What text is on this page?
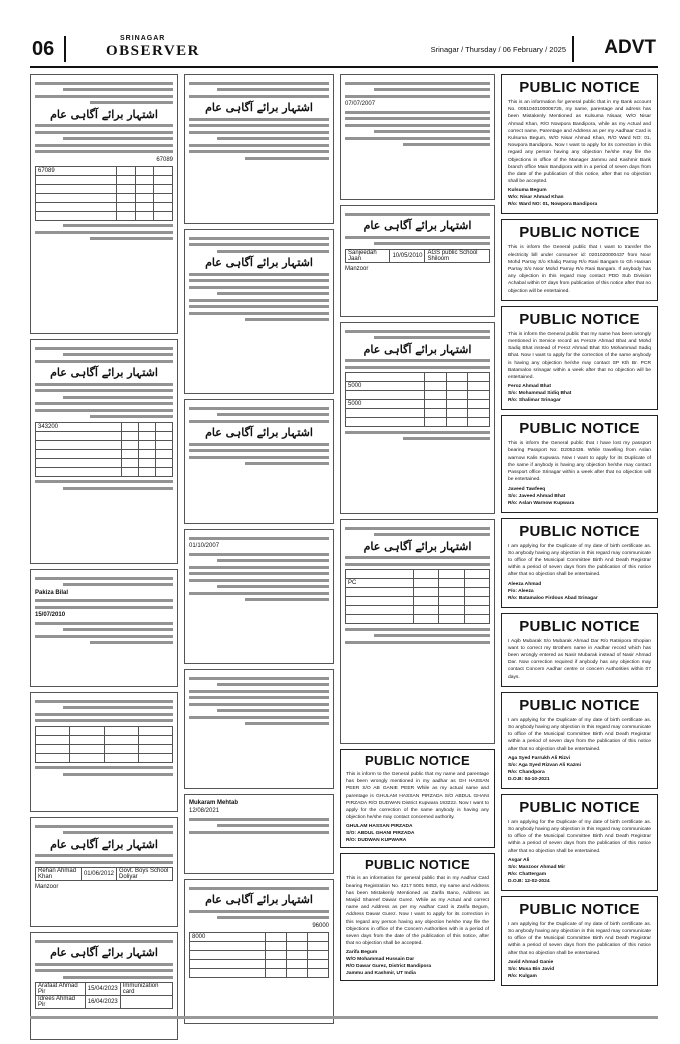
06	SRINAGAR
OBSERVER	Srinagar / Thursday / 06 February / 2025 ADVT
اشتہار برائے آگاہی عام
67089
67089			

اشتہار برائے آگاہی عام
343200			

Pakiza Bilal
15/07/2010

اشتہار برائے آگاہی عام
Rehan Ahmad Khan	01/06/2012	Govt. Boys School Doliyar
Manzoor
اشتہار برائے آگاہی عام
Arafaat Ahmad Pir	15/04/2023	Immunization card
Idrees Ahmad Pir	16/04/2023	
اشتہار برائے آگاہی عام
اشتہار برائے آگاہی عام
اشتہار برائے آگاہی عام
01/10/2007
Mukaram Mehtab
12/08/2021
اشتہار برائے آگاہی عام
96000
8000			

07/07/2007
اشتہار برائے آگاہی عام
Sanjeedah Jaan	10/05/2010	AGS public School Shiloom
Manzoor
اشتہار برائے آگاہی عام

5000			

5000			

اشتہار برائے آگاہی عام

PC			

PUBLIC NOTICE

This is inform to the General public that my name and parentage has been wrongly mentioned in my aadhar as GH HASSAN PEER S/O AB GANIE PEER While as my actual name and parentage is GHULAM HASSAN PIRZADA S/O ABDUL GHANI PIRZADA R/O DUDWAN District Kupwara 193222. Now I want to apply for the correction of the same anybody is having any objection he/she may contact concerned authority.

GHULAM HASSAN PIRZADA
S/O: ABDUL GHANI PIRZADA
R/O: DUDWAN KUPWARA
PUBLIC NOTICE

This is an information for general public that in my Aadhar Card bearing Registration No. 4217 5001 9453, my name and Address has been Mistakenly Mentioned as Zarifa Bano, Address as Masjid Shareef Dawar Gurez. While as my Actual and correct name and Address as per my Aadhar Card is Zarifa Begum, Address Dawar Gurez. Now I want to apply for its correction in this regard any person having any objection he/she may file the Objections in office of the Concern Authorities with in a period of seven days from the date of the publication of this notice, after that no objection shall be accepted.

Zarifa Begum
W/O Mohammad Hussain Dar
R/O Dawar Gurez, District Bandipora
Jammu and Kashmir, UT India
PUBLIC NOTICE

This is an information for general public that in my Bank account No. 0051040100006725, my name, parentage and adress has been Mistakenly Mentioned as Kulsuma Nisaar, W/O Nisar Ahmad Khan, R/O Nowpora Bandipora, while as my Actual and correct name, Parentage and Address as per my Aadhaar Card is Kulsuma Begum, W/O Nisar Ahmad Khan, R/O Ward NO: 01, Nowpora Bandipora. Now I want to apply for its correction in this regard any person having any objection he/she may file the Objections in office of the Manager Jammu and Kashmir Bank branch office Main Bandipora with in a period of seven days from the date of the publication of this notice, after that no objection shall be accepted.

Kulsuma Begum
W/o: Nisar Ahmad Khan
R/o: Ward NO: 01, Nowpora Bandipora
PUBLIC NOTICE

This is inform the General public that I want to transfer the electricity bill under consumer id: 0201020000437 from Noor Mohd Parray S/o Khaliq Parray R/o Rani Bangam to Gh Hassan Parray S/o Noor Mohd Parray R/o Rani Bangam. If anybody has any objection in this regard may contact PDD Sub Division Achabal within 07 days from publication of this notice after that no objection will be entertained.

PUBLIC NOTICE

This is inform the General public that my name has been wrongly mentioned in Service record as Feroze Ahmad Bhat and Mohd Sadiq Bhat instead of Feroz Ahmad Bhat S/o Mohammad Sadiq Bhat. Now I want to apply for the correction of the same anybody is having any objection he/she may contact SP Kth Br. PCR Batamaloo srinagar within a week after that no objection will be entertained.

Feroz Ahmad Bhat
S/o: Mohammad Sidiq Bhat
R/o: Shalimar Srinagar
PUBLIC NOTICE

This is inform the General public that I have lost my passport bearing Passport No: D2052436. While travelling from Aslan warnow Kalis Kupwara. Now I want to apply for its Duplicate of the same if anybody is having any objection he/she may contact Passport office Srinagar within a week after that no objection will be entertained.

Javeed Tawfeeq
S/o: Javeed Ahmad Bhat
R/o: Aslan Warnow Kupwara
PUBLIC NOTICE

I am applying for the Duplicate of my date of birth certificate as. So anybody having any objection in this regard may communicate to office of the Municipal Committee Birth And Death Registrar within a period of seven days from the publication of this notice after that no objection shall be entertained.

Aleeza Ahmad
F/o: Aleeza
R/o: Batamaloo Firdous Abad Srinagar
PUBLIC NOTICE

I Aqib Mubarak S/o Mubarak Ahmad Dar R/o Ratnipora Shopian want to correct my Brothers name in Aadhar record which has been wrongly entered as Nasir Mubarak instead of Nasir Ahmad Dar. Now correction required if anybody has any objection may contact Concern Aadhar centre or concern Authorities within 07 days.

PUBLIC NOTICE

I am applying for the Duplicate of my date of birth certificate as. So anybody having any objection in this regard may communicate to office of the Municipal Committee Birth And Death Registrar within a period of seven days from the publication of this notice after that no objection shall be entertained.

Aga Syed Farrukh Ali Rizvi
S/o: Aga Syed Rizvan Ali Kazmi
R/o: Chandpora
D.O.B: 04-10-2021
PUBLIC NOTICE

I am applying for the Duplicate of my date of birth certificate as. So anybody having any objection in this regard may communicate to office of the Municipal Committee Birth And Death Registrar within a period of seven days from the publication of this notice after that no objection shall be entertained.

Asgar Ali
S/o: Manzoor Ahmad Mir
R/o: Chattergam
D.O.B: 12-02-2024
PUBLIC NOTICE

I am applying for the Duplicate of my date of birth certificate as. So anybody having any objection in this regard may communicate to office of the Municipal Committee Birth And Death Registrar within a period of seven days from the publication of this notice after that no objection shall be entertained.

Javid Ahmad Ganie
S/o: Musa Bin Javid
R/o: Kulgam
